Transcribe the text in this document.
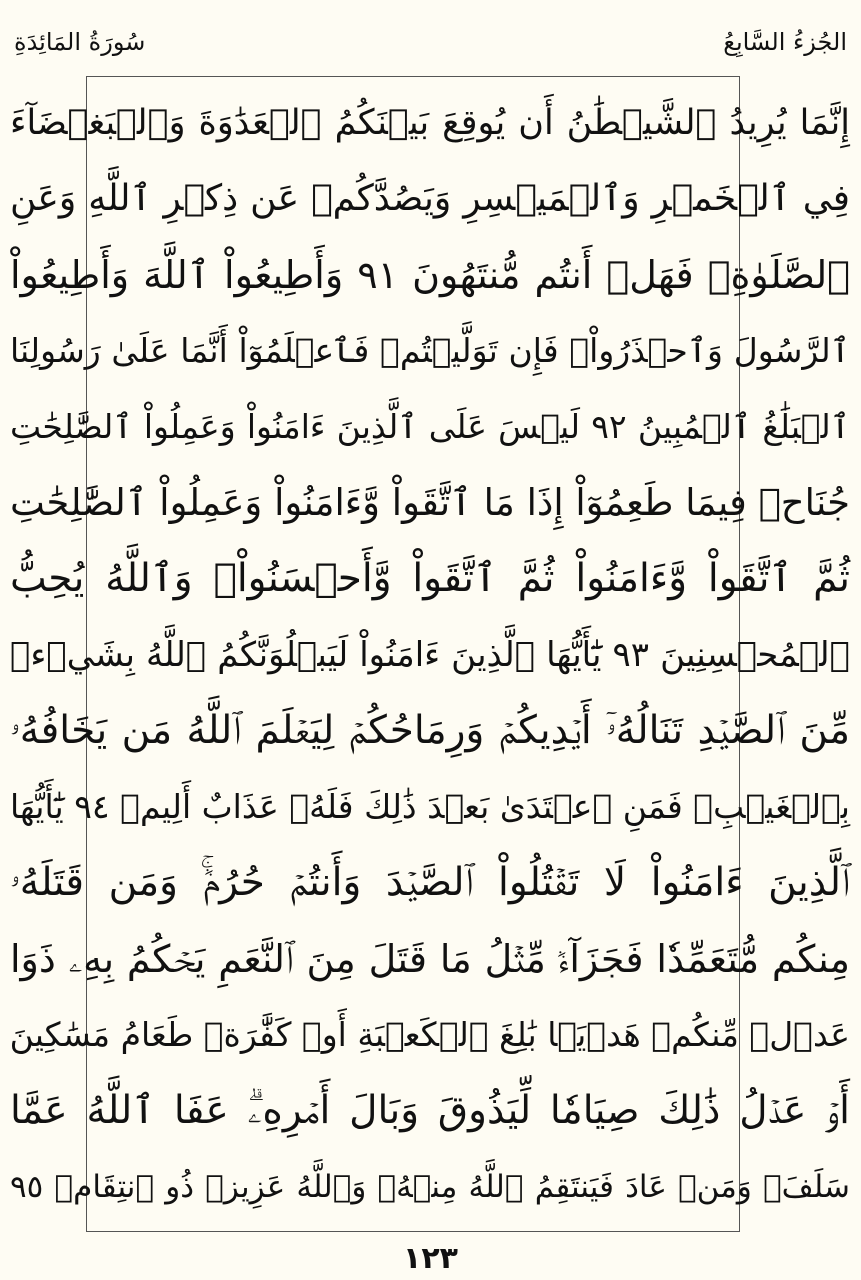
سُورَةُ المَائِدَةِ	الجُزءُ السَّابِعُ
إِنَّمَا يُرِيدُ ٱلشَّيۡطَٰنُ أَن يُوقِعَ بَيۡنَكُمُ ٱلۡعَدَٰوَةَ وَٱلۡبَغۡضَآءَ
فِي ٱلۡخَمۡرِ وَٱلۡمَيۡسِرِ وَيَصُدَّكُمۡ عَن ذِكۡرِ ٱللَّهِ وَعَنِ
ٱلصَّلَوٰةِۖ فَهَلۡ أَنتُم مُّنتَهُونَ ٩١ وَأَطِيعُواْ ٱللَّهَ وَأَطِيعُواْ
ٱلرَّسُولَ وَٱحۡذَرُواْۚ فَإِن تَوَلَّيۡتُمۡ فَٱعۡلَمُوٓاْ أَنَّمَا عَلَىٰ رَسُولِنَا
ٱلۡبَلَٰغُ ٱلۡمُبِينُ ٩٢ لَيۡسَ عَلَى ٱلَّذِينَ ءَامَنُواْ وَعَمِلُواْ ٱلصَّٰلِحَٰتِ
جُنَاحٞ فِيمَا طَعِمُوٓاْ إِذَا مَا ٱتَّقَواْ وَّءَامَنُواْ وَعَمِلُواْ ٱلصَّٰلِحَٰتِ
ثُمَّ ٱتَّقَواْ وَّءَامَنُواْ ثُمَّ ٱتَّقَواْ وَّأَحۡسَنُواْۚ وَٱللَّهُ يُحِبُّ
ٱلۡمُحۡسِنِينَ ٩٣ يَٰٓأَيُّهَا ٱلَّذِينَ ءَامَنُواْ لَيَبۡلُوَنَّكُمُ ٱللَّهُ بِشَيۡءٖ
مِّنَ ٱلصَّيۡدِ تَنَالُهُۥٓ أَيۡدِيكُمۡ وَرِمَاحُكُمۡ لِيَعۡلَمَ ٱللَّهُ مَن يَخَافُهُۥ
بِٱلۡغَيۡبِۚ فَمَنِ ٱعۡتَدَىٰ بَعۡدَ ذَٰلِكَ فَلَهُۥ عَذَابٌ أَلِيمٞ ٩٤ يَٰٓأَيُّهَا
ٱلَّذِينَ ءَامَنُواْ لَا تَقۡتُلُواْ ٱلصَّيۡدَ وَأَنتُمۡ حُرُمٞۚ وَمَن قَتَلَهُۥ
مِنكُم مُّتَعَمِّدٗا فَجَزَآءٞ مِّثۡلُ مَا قَتَلَ مِنَ ٱلنَّعَمِ يَحۡكُمُ بِهِۦ ذَوَا
عَدۡلٖ مِّنكُمۡ هَدۡيَۢا بَٰلِغَ ٱلۡكَعۡبَةِ أَوۡ كَفَّٰرَةٞ طَعَامُ مَسَٰكِينَ
أَوۡ عَدۡلُ ذَٰلِكَ صِيَامٗا لِّيَذُوقَ وَبَالَ أَمۡرِهِۦۗ عَفَا ٱللَّهُ عَمَّا
سَلَفَۚ وَمَنۡ عَادَ فَيَنتَقِمُ ٱللَّهُ مِنۡهُۚ وَٱللَّهُ عَزِيزٞ ذُو ٱنتِقَامٖ ٩٥
١٢٣
